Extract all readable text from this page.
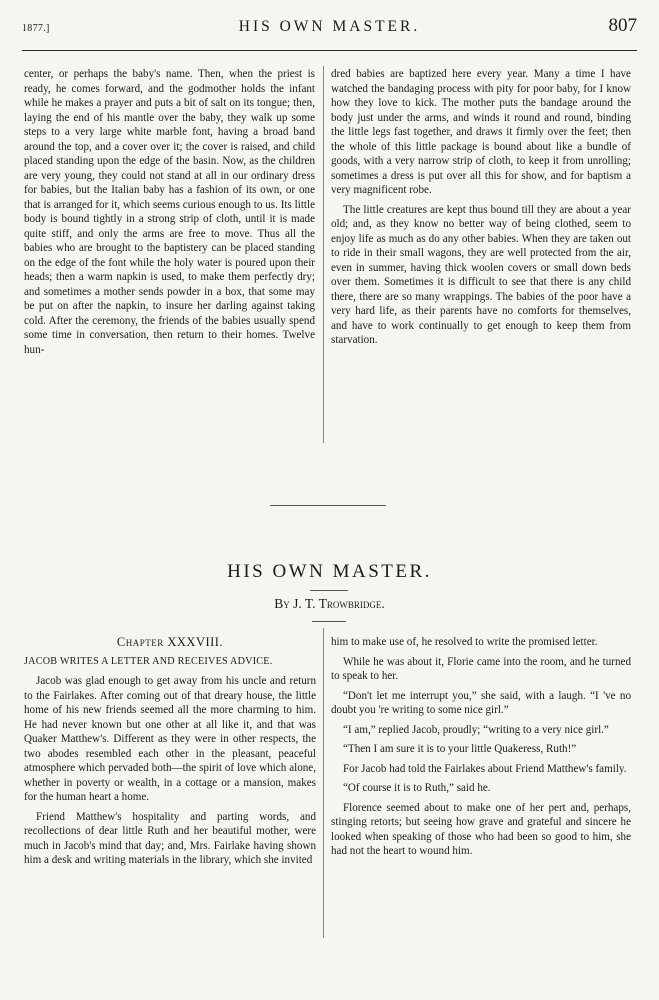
1877.]	HIS OWN MASTER.	807

center, or perhaps the baby's name. Then, when the priest is ready, he comes forward, and the godmother holds the infant while he makes a prayer and puts a bit of salt on its tongue; then, laying the end of his mantle over the baby, they walk up some steps to a very large white marble font, having a broad band around the top, and a cover over it; the cover is raised, and child placed standing upon the edge of the basin. Now, as the children are very young, they could not stand at all in our ordinary dress for babies, but the Italian baby has a fashion of its own, or one that is arranged for it, which seems curious enough to us. Its little body is bound tightly in a strong strip of cloth, until it is made quite stiff, and only the arms are free to move. Thus all the babies who are brought to the baptistery can be placed standing on the edge of the font while the holy water is poured upon their heads; then a warm napkin is used, to make them perfectly dry; and sometimes a mother sends powder in a box, that some may be put on after the napkin, to insure her darling against taking cold. After the ceremony, the friends of the babies usually spend some time in conversation, then return to their homes. Twelve hun-

dred babies are baptized here every year. Many a time I have watched the bandaging process with pity for poor baby, for I know how they love to kick. The mother puts the bandage around the body just under the arms, and winds it round and round, binding the little legs fast together, and draws it firmly over the feet; then the whole of this little package is bound about like a bundle of goods, with a very narrow strip of cloth, to keep it from unrolling; sometimes a dress is put over all this for show, and for baptism a very magnificent robe.

The little creatures are kept thus bound till they are about a year old; and, as they know no better way of being clothed, seem to enjoy life as much as do any other babies. When they are taken out to ride in their small wagons, they are well protected from the air, even in summer, having thick woolen covers or small down beds over them. Sometimes it is difficult to see that there is any child there, there are so many wrappings. The babies of the poor have a very hard life, as their parents have no comforts for themselves, and have to work continually to get enough to keep them from starvation.

HIS OWN MASTER.
By J. T. Trowbridge.

Chapter XXXVIII.

JACOB WRITES A LETTER AND RECEIVES ADVICE.

Jacob was glad enough to get away from his uncle and return to the Fairlakes. After coming out of that dreary house, the little home of his new friends seemed all the more charming to him. He had never known but one other at all like it, and that was Quaker Matthew's. Different as they were in other respects, the two abodes resembled each other in the pleasant, peaceful atmosphere which pervaded both—the spirit of love which alone, whether in poverty or wealth, in a cottage or a mansion, makes for the human heart a home.

Friend Matthew's hospitality and parting words, and recollections of dear little Ruth and her beautiful mother, were much in Jacob's mind that day; and, Mrs. Fairlake having shown him a desk and writing materials in the library, which she invited

him to make use of, he resolved to write the promised letter.

While he was about it, Florie came into the room, and he turned to speak to her.

“Don't let me interrupt you,” she said, with a laugh. “I 've no doubt you 're writing to some nice girl.”

“I am,” replied Jacob, proudly; “writing to a very nice girl.”

“Then I am sure it is to your little Quakeress, Ruth!”

For Jacob had told the Fairlakes about Friend Matthew's family.

“Of course it is to Ruth,” said he.

Florence seemed about to make one of her pert and, perhaps, stinging retorts; but seeing how grave and grateful and sincere he looked when speaking of those who had been so good to him, she had not the heart to wound him.
